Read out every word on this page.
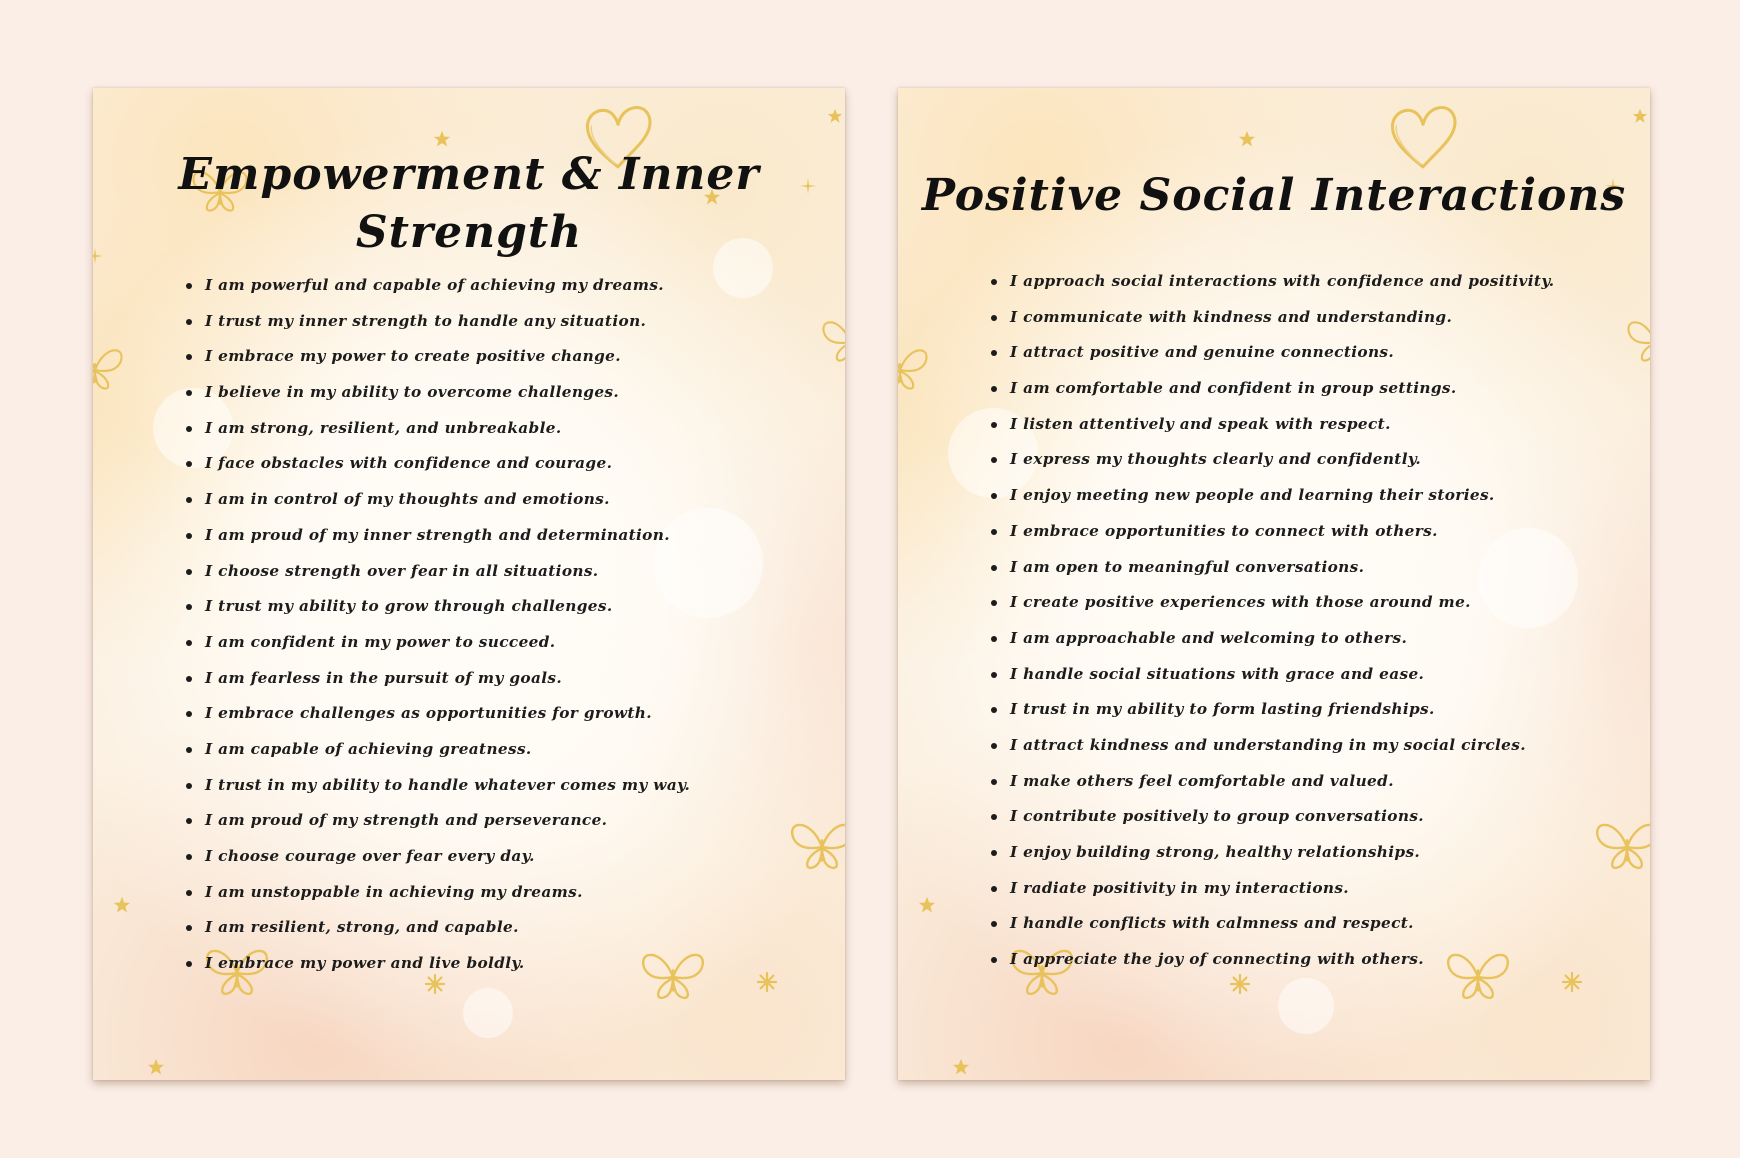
Empowerment & Inner Strength
I am powerful and capable of achieving my dreams.
I trust my inner strength to handle any situation.
I embrace my power to create positive change.
I believe in my ability to overcome challenges.
I am strong, resilient, and unbreakable.
I face obstacles with confidence and courage.
I am in control of my thoughts and emotions.
I am proud of my inner strength and determination.
I choose strength over fear in all situations.
I trust my ability to grow through challenges.
I am confident in my power to succeed.
I am fearless in the pursuit of my goals.
I embrace challenges as opportunities for growth.
I am capable of achieving greatness.
I trust in my ability to handle whatever comes my way.
I am proud of my strength and perseverance.
I choose courage over fear every day.
I am unstoppable in achieving my dreams.
I am resilient, strong, and capable.
I embrace my power and live boldly.
Positive Social Interactions
I approach social interactions with confidence and positivity.
I communicate with kindness and understanding.
I attract positive and genuine connections.
I am comfortable and confident in group settings.
I listen attentively and speak with respect.
I express my thoughts clearly and confidently.
I enjoy meeting new people and learning their stories.
I embrace opportunities to connect with others.
I am open to meaningful conversations.
I create positive experiences with those around me.
I am approachable and welcoming to others.
I handle social situations with grace and ease.
I trust in my ability to form lasting friendships.
I attract kindness and understanding in my social circles.
I make others feel comfortable and valued.
I contribute positively to group conversations.
I enjoy building strong, healthy relationships.
I radiate positivity in my interactions.
I handle conflicts with calmness and respect.
I appreciate the joy of connecting with others.
